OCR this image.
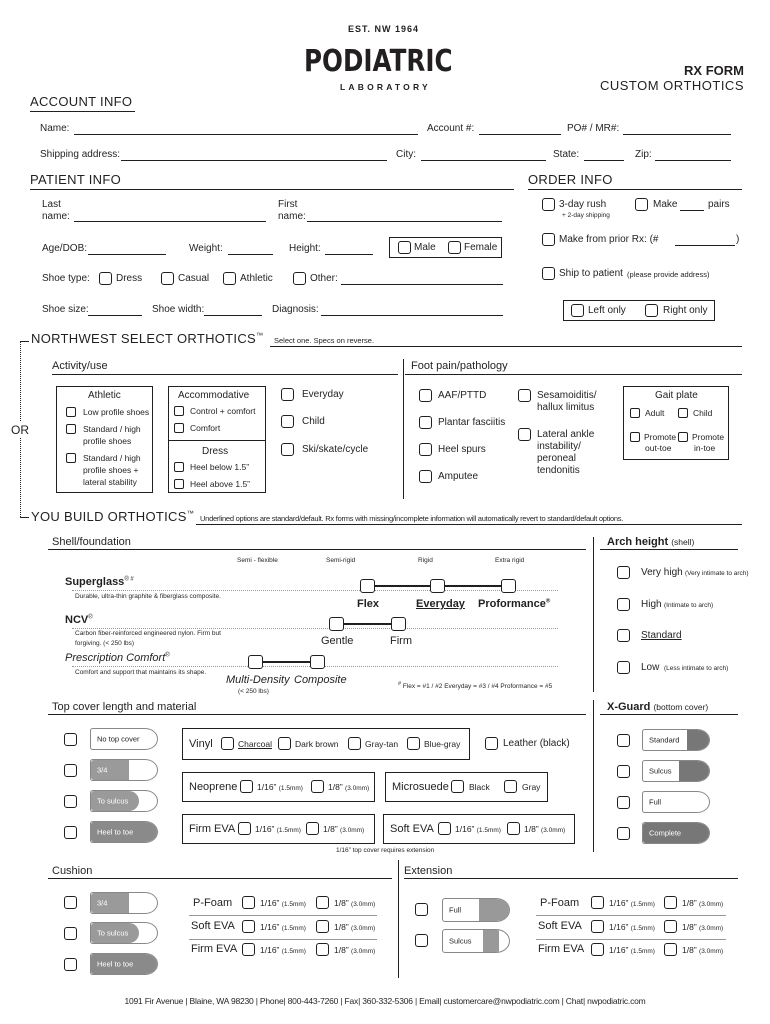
EST. NW 1964
PODIATRIC
LABORATORY
RX FORM
CUSTOM ORTHOTICS
ACCOUNT INFO
Name:	Account #:	PO# / MR#:
Shipping address:	City:	State:	Zip:
PATIENT INFO
Last
name:
First
name:
Age/DOB:	Weight:	Height:	Male	Female
Shoe type:	Dress	Casual	Athletic	Other:
Shoe size:	Shoe width:	Diagnosis:
ORDER INFO
3-day rush
+ 2-day shipping
Make	pairs
Make from prior Rx: (#	)
Ship to patient (please provide address)
Left only	Right only
OR
NORTHWEST SELECT ORTHOTICS™ Select one. Specs on reverse.
Activity/use
Athletic
Low profile shoes
Standard / high
profile shoes
Standard / high
profile shoes +
lateral stability
Accommodative
Control + comfort
Comfort
Dress
Heel below 1.5”
Heel above 1.5”
Everyday
Child
Ski/skate/cycle
Foot pain/pathology
AAF/PTTD
Plantar fasciitis
Heel spurs
Amputee
Sesamoiditis/
hallux limitus
Lateral ankle
instability/
peroneal
tendonitis
Gait plate
Adult	Child
Promote
out-toe
Promote
in-toe
YOU BUILD ORTHOTICS™ Underlined options are standard/default. Rx forms with missing/incomplete information will automatically revert to standard/default options.
Shell/foundation
Semi - flexible	Semi-rigid	Rigid	Extra rigid
Superglass® #
Durable, ultra-thin graphite & fiberglass composite.
Flex	Everyday Proformance®
NCV®
Carbon fiber-reinforced engineered nylon. Firm but
forgiving. (< 250 lbs)	Gentle	Firm
Prescription Comfort®
Comfort and support that maintains its shape.
Multi-Density
(< 250 lbs)
Composite	# Flex = #1 / #2 Everyday = #3 / #4 Proformance = #5
Arch height (shell)
Very high (Very intimate to arch)
High (Intimate to arch)
Standard
Low (Less intimate to arch)
Top cover length and material
No top cover
3/4
To sulcus
Heel to toe
Vinyl	Charcoal	Dark brown	Gray-tan	Blue-gray	Leather (black)
Neoprene 1/16” (1.5mm)	1/8” (3.0mm) Microsuede Black	Gray
Firm EVA 1/16” (1.5mm)	1/8” (3.0mm) Soft EVA 1/16” (1.5mm)	1/8” (3.0mm)
1/16” top cover requires extension
X-Guard (bottom cover)
Standard
Sulcus
Full
Complete
Cushion
3/4
To sulcus
Heel to toe
P-Foam	1/16” (1.5mm)	1/8” (3.0mm)
Soft EVA	1/16” (1.5mm)	1/8” (3.0mm)
Firm EVA	1/16” (1.5mm)	1/8” (3.0mm)
Extension
Full
Sulcus
P-Foam	1/16” (1.5mm)	1/8” (3.0mm)
Soft EVA	1/16” (1.5mm)	1/8” (3.0mm)
Firm EVA	1/16” (1.5mm)	1/8” (3.0mm)
1091 Fir Avenue | Blaine, WA 98230 | Phone| 800-443-7260 | Fax| 360-332-5306 | Email| customercare@nwpodiatric.com | Chat| nwpodiatric.com
